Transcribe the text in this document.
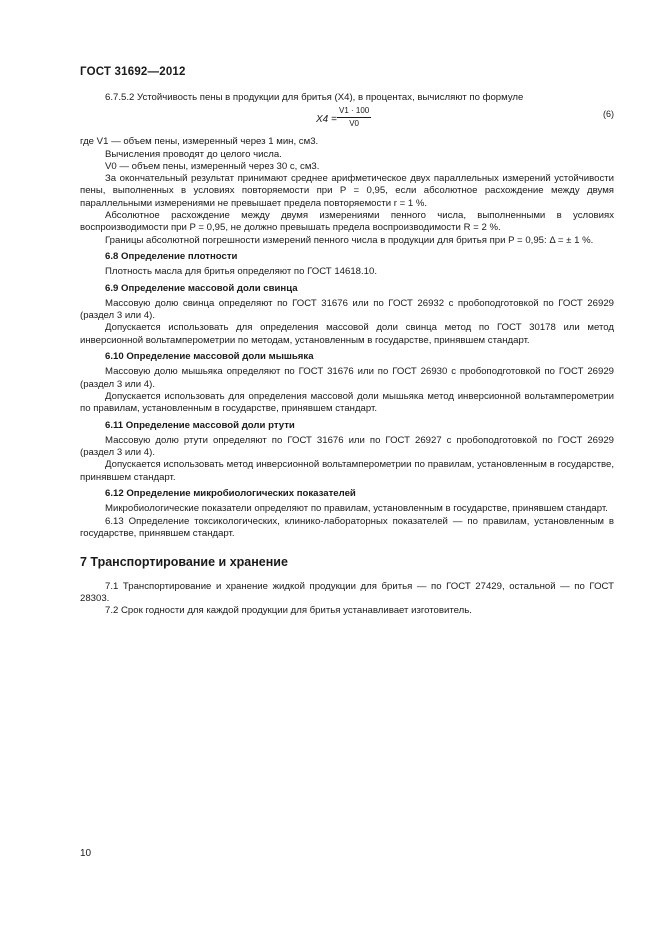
ГОСТ 31692—2012

6.7.5.2 Устойчивость пены в продукции для бритья (X4), в процентах, вычисляют по формуле

$X4 = \frac{V1 \cdot 100}{V0}$	(6)

где V1 — объем пены, измеренный через 1 мин, см3.

Вычисления проводят до целого числа.

V0 — объем пены, измеренный через 30 с, см3.

За окончательный результат принимают среднее арифметическое двух параллельных измерений устойчивости пены, выполненных в условиях повторяемости при P = 0,95, если абсолютное расхождение между двумя параллельными измерениями не превышает предела повторяемости r = 1 %.

Абсолютное расхождение между двумя измерениями пенного числа, выполненными в условиях воспроизводимости при P = 0,95, не должно превышать предела воспроизводимости R = 2 %.

Границы абсолютной погрешности измерений пенного числа в продукции для бритья при P = 0,95: Δ = ± 1 %.

6.8 Определение плотности

Плотность масла для бритья определяют по ГОСТ 14618.10.

6.9 Определение массовой доли свинца

Массовую долю свинца определяют по ГОСТ 31676 или по ГОСТ 26932 с пробоподготовкой по ГОСТ 26929 (раздел 3 или 4).

Допускается использовать для определения массовой доли свинца метод по ГОСТ 30178 или метод инверсионной вольтамперометрии по методам, установленным в государстве, принявшем стандарт.

6.10 Определение массовой доли мышьяка

Массовую долю мышьяка определяют по ГОСТ 31676 или по ГОСТ 26930 с пробоподготовкой по ГОСТ 26929 (раздел 3 или 4).

Допускается использовать для определения массовой доли мышьяка метод инверсионной вольтамперометрии по правилам, установленным в государстве, принявшем стандарт.

6.11 Определение массовой доли ртути

Массовую долю ртути определяют по ГОСТ 31676 или по ГОСТ 26927 с пробоподготовкой по ГОСТ 26929 (раздел 3 или 4).

Допускается использовать метод инверсионной вольтамперометрии по правилам, установленным в государстве, принявшем стандарт.

6.12 Определение микробиологических показателей

Микробиологические показатели определяют по правилам, установленным в государстве, принявшем стандарт.

6.13 Определение токсикологических, клинико-лабораторных показателей — по правилам, установленным в государстве, принявшем стандарт.

7 Транспортирование и хранение

7.1 Транспортирование и хранение жидкой продукции для бритья — по ГОСТ 27429, остальной — по ГОСТ 28303.

7.2 Срок годности для каждой продукции для бритья устанавливает изготовитель.

10
